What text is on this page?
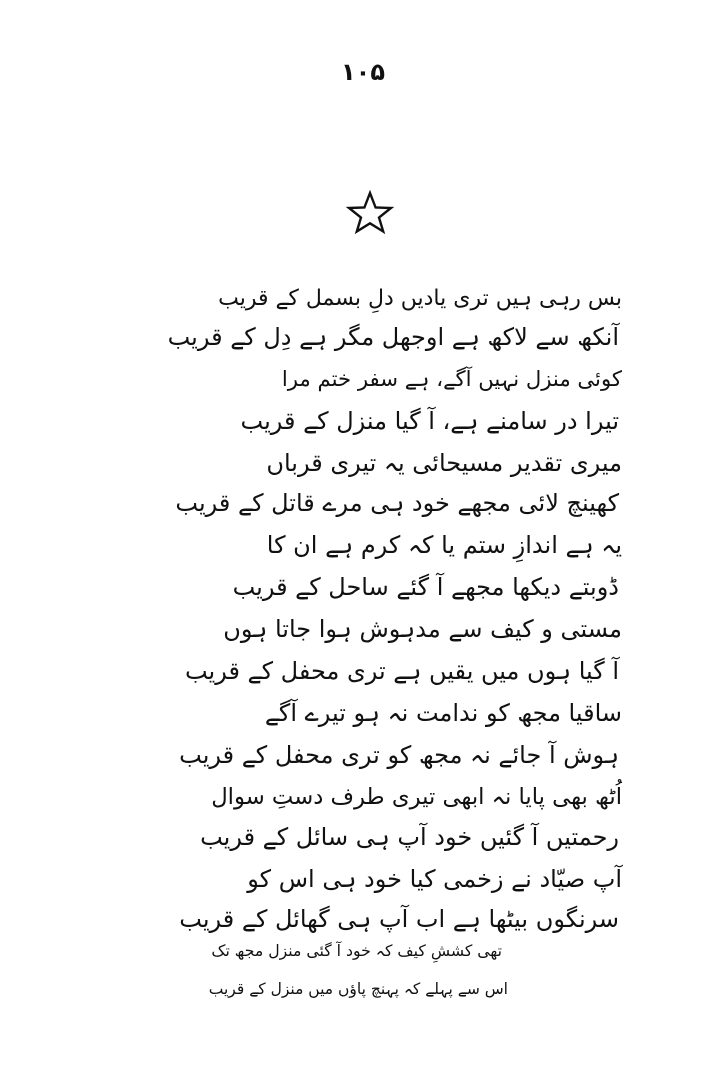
۱۰۵
بس رہی ہیں تری یادیں دلِ بسمل کے قریب
آنکھ سے لاکھ ہے اوجھل مگر ہے دِل کے قریب
کوئی منزل نہیں آگے، ہے سفر ختم مرا
تیرا در سامنے ہے، آ گیا منزل کے قریب
میری تقدیر مسیحائی یہ تیری قرباں
کھینچ لائی مجھے خود ہی مرے قاتل کے قریب
یہ ہے اندازِ ستم یا کہ کرم ہے ان کا
ڈوبتے دیکھا مجھے آ گئے ساحل کے قریب
مستی و کیف سے مدہوش ہوا جاتا ہوں
آ گیا ہوں میں یقیں ہے تری محفل کے قریب
ساقیا مجھ کو ندامت نہ ہو تیرے آگے
ہوش آ جائے نہ مجھ کو تری محفل کے قریب
اُٹھ بھی پایا نہ ابھی تیری طرف دستِ سوال
رحمتیں آ گئیں خود آپ ہی سائل کے قریب
آپ صیّاد نے زخمی کیا خود ہی اس کو
سرنگوں بیٹھا ہے اب آپ ہی گھائل کے قریب
تھی کششِ کیف کہ خود آ گئی منزل مجھ تک
اس سے پہلے کہ پہنچ پاؤں میں منزل کے قریب
